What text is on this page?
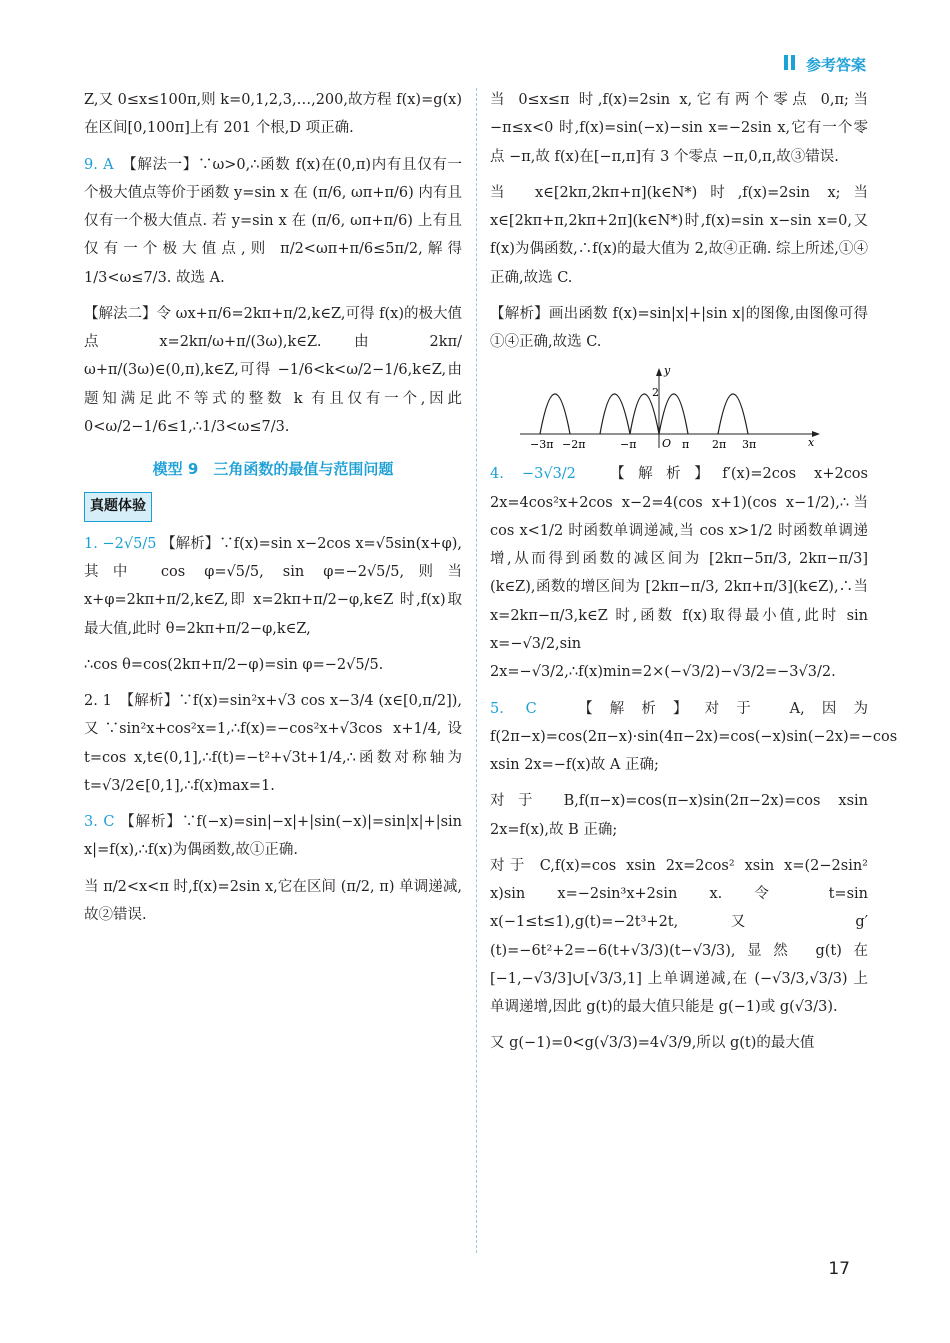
参考答案

Z,又 0≤x≤100π,则 k=0,1,2,3,…,200,故方程 f(x)=g(x)在区间[0,100π]上有 201 个根,D 项正确.

9. A　 【解法一】∵ω>0,∴函数 f(x)在(0,π)内有且仅有一个极大值点等价于函数 y=sin x 在 (π/6, ωπ+π/6) 内有且仅有一个极大值点. 若 y=sin x 在 (π/6, ωπ+π/6) 上有且仅有一个极大值点,则 π/2<ωπ+π/6≤5π/2,解得 1/3<ω≤7/3. 故选 A.

【解法二】令 ωx+π/6=2kπ+π/2,k∈Z,可得 f(x)的极大值点 x=2kπ/ω+π/(3ω),k∈Z. 由 2kπ/ω+π/(3ω)∈(0,π),k∈Z,可得 −1/6<k<ω/2−1/6,k∈Z,由题知满足此不等式的整数 k 有且仅有一个,因此 0<ω/2−1/6≤1,∴1/3<ω≤7/3.

模型 9　三角函数的最值与范围问题
真题体验

1. −2√5/5 【解析】∵f(x)=sin x−2cos x=√5sin(x+φ),其中 cos φ=√5/5, sin φ=−2√5/5,则当 x+φ=2kπ+π/2,k∈Z,即 x=2kπ+π/2−φ,k∈Z 时,f(x)取最大值,此时 θ=2kπ+π/2−φ,k∈Z,

∴cos θ=cos(2kπ+π/2−φ)=sin φ=−2√5/5.

2. 1　【解析】∵f(x)=sin²x+√3 cos x−3/4 (x∈[0,π/2]),又∵sin²x+cos²x=1,∴f(x)=−cos²x+√3cos x+1/4,设 t=cos x,t∈(0,1],∴f(t)=−t²+√3t+1/4,∴函数对称轴为 t=√3/2∈[0,1],∴f(x)max=1.

3. C 【解析】∵f(−x)=sin|−x|+|sin(−x)|=sin|x|+|sin x|=f(x),∴f(x)为偶函数,故①正确.

当 π/2<x<π 时,f(x)=2sin x,它在区间 (π/2, π) 单调递减,故②错误.

当 0≤x≤π 时,f(x)=2sin x,它有两个零点 0,π;当 −π≤x<0 时,f(x)=sin(−x)−sin x=−2sin x,它有一个零点 −π,故 f(x)在[−π,π]有 3 个零点 −π,0,π,故③错误.

当 x∈[2kπ,2kπ+π](k∈N*)时,f(x)=2sin x;当 x∈[2kπ+π,2kπ+2π](k∈N*)时,f(x)=sin x−sin x=0,又 f(x)为偶函数,∴f(x)的最大值为 2,故④正确. 综上所述,①④正确,故选 C.

【解析】画出函数 f(x)=sin|x|+|sin x|的图像,由图像可得①④正确,故选 C.

y
2
O	x
−3π −2π	−π	π 2π 3π

4. −3√3/2　	【解析】f′(x)=2cos x+2cos 2x=4cos²x+2cos x−2=4(cos x+1)(cos x−1/2),∴当 cos x<1/2 时函数单调递减,当 cos x>1/2 时函数单调递增,从而得到函数的减区间为 [2kπ−5π/3, 2kπ−π/3](k∈Z),函数的增区间为 [2kπ−π/3, 2kπ+π/3](k∈Z),∴当 x=2kπ−π/3,k∈Z 时,函数 f(x)取得最小值,此时 sin x=−√3/2,sin 2x=−√3/2,∴f(x)min=2×(−√3/2)−√3/2=−3√3/2.

5. C　	【解析】对于 A,因为 f(2π−x)=cos(2π−x)·sin(4π−2x)=cos(−x)sin(−2x)=−cos xsin 2x=−f(x)故 A 正确;

对于 B,f(π−x)=cos(π−x)sin(2π−2x)=cos xsin 2x=f(x),故 B 正确;

对于 C,f(x)=cos xsin 2x=2cos² xsin x=(2−2sin² x)sin x=−2sin³x+2sin x. 令 t=sin x(−1≤t≤1),g(t)=−2t³+2t,又 g′(t)=−6t²+2=−6(t+√3/3)(t−√3/3),显然 g(t)在 [−1,−√3/3]∪[√3/3,1] 上单调递减,在 (−√3/3,√3/3) 上单调递增,因此 g(t)的最大值只能是 g(−1)或 g(√3/3).

又 g(−1)=0<g(√3/3)=4√3/9,所以 g(t)的最大值

17
